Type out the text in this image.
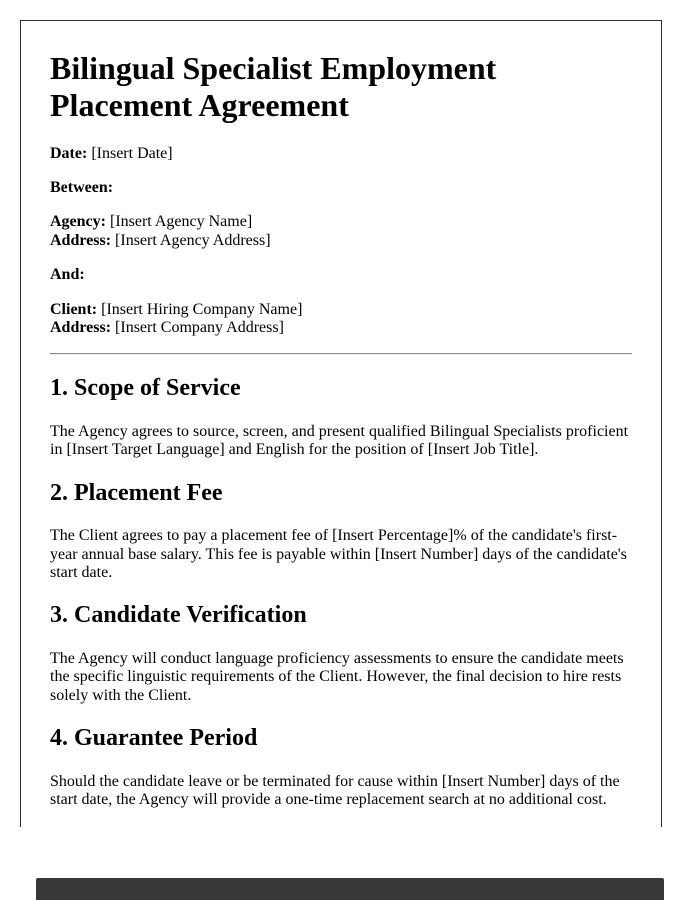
Bilingual Specialist Employment Placement Agreement

Date: [Insert Date]

Between:

Agency: [Insert Agency Name]
Address: [Insert Agency Address]

And:

Client: [Insert Hiring Company Name]
Address: [Insert Company Address]

1. Scope of Service

The Agency agrees to source, screen, and present qualified Bilingual Specialists proficient in [Insert Target Language] and English for the position of [Insert Job Title].

2. Placement Fee

The Client agrees to pay a placement fee of [Insert Percentage]% of the candidate's first-year annual base salary. This fee is payable within [Insert Number] days of the candidate's start date.

3. Candidate Verification

The Agency will conduct language proficiency assessments to ensure the candidate meets the specific linguistic requirements of the Client. However, the final decision to hire rests solely with the Client.

4. Guarantee Period

Should the candidate leave or be terminated for cause within [Insert Number] days of the start date, the Agency will provide a one-time replacement search at no additional cost.
